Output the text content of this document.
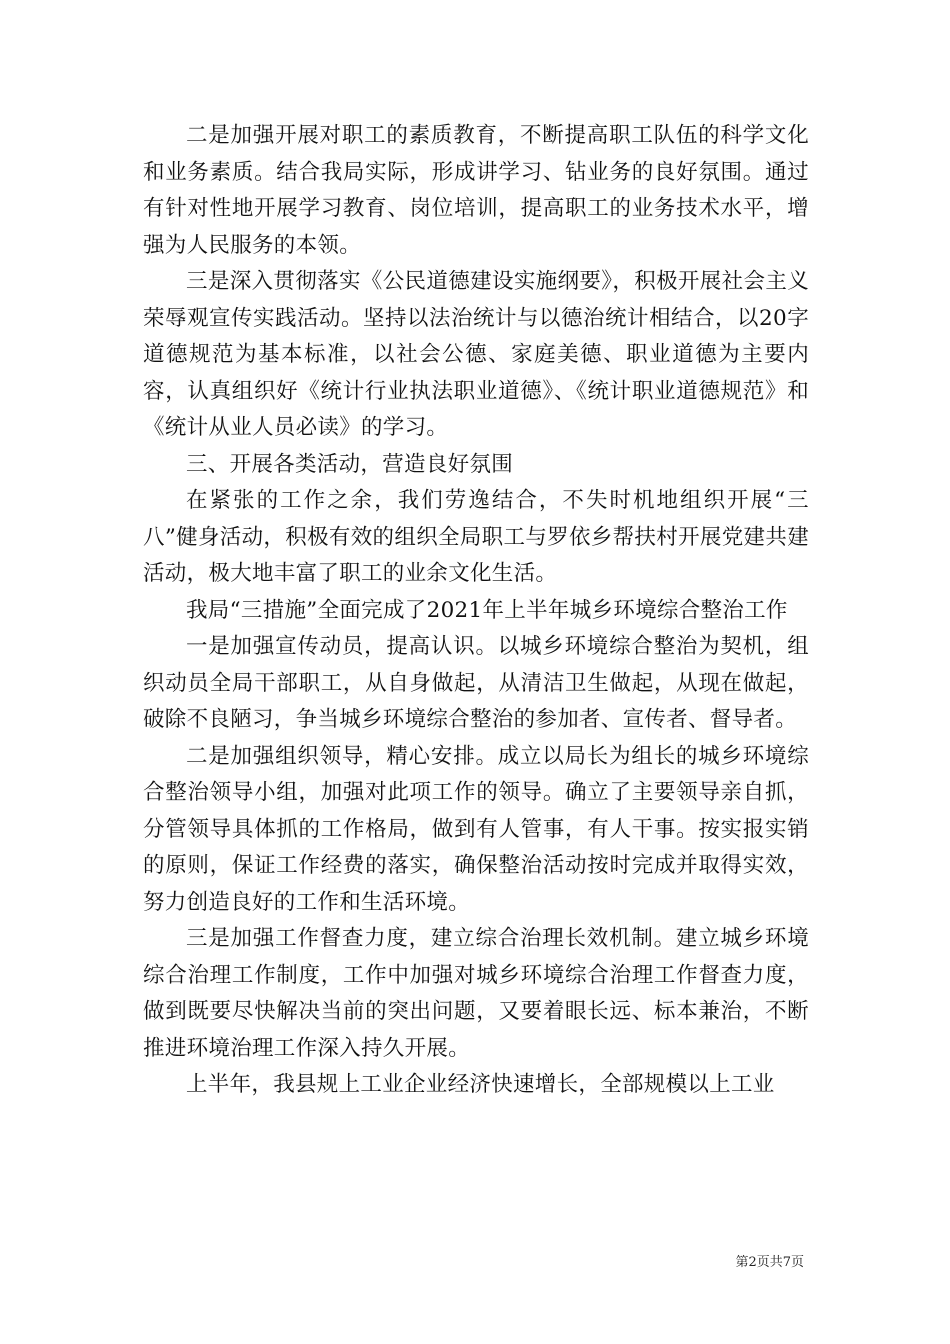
二是加强开展对职工的素质教育，不断提高职工队伍的科学文化和业务素质。结合我局实际，形成讲学习、钻业务的良好氛围。通过有针对性地开展学习教育、岗位培训，提高职工的业务技术水平，增强为人民服务的本领。

三是深入贯彻落实《公民道德建设实施纲要》，积极开展社会主义荣辱观宣传实践活动。坚持以法治统计与以德治统计相结合，以20字道德规范为基本标准，以社会公德、家庭美德、职业道德为主要内容，认真组织好《统计行业执法职业道德》、《统计职业道德规范》和《统计从业人员必读》的学习。

三、开展各类活动，营造良好氛围

在紧张的工作之余，我们劳逸结合，不失时机地组织开展“三八”健身活动，积极有效的组织全局职工与罗依乡帮扶村开展党建共建活动，极大地丰富了职工的业余文化生活。

我局“三措施”全面完成了2021年上半年城乡环境综合整治工作

一是加强宣传动员，提高认识。以城乡环境综合整治为契机，组织动员全局干部职工，从自身做起，从清洁卫生做起，从现在做起，破除不良陋习，争当城乡环境综合整治的参加者、宣传者、督导者。

二是加强组织领导，精心安排。成立以局长为组长的城乡环境综合整治领导小组，加强对此项工作的领导。确立了主要领导亲自抓，分管领导具体抓的工作格局，做到有人管事，有人干事。按实报实销的原则，保证工作经费的落实，确保整治活动按时完成并取得实效，努力创造良好的工作和生活环境。

三是加强工作督查力度，建立综合治理长效机制。建立城乡环境综合治理工作制度，工作中加强对城乡环境综合治理工作督查力度，做到既要尽快解决当前的突出问题，又要着眼长远、标本兼治，不断推进环境治理工作深入持久开展。

上半年，我县规上工业企业经济快速增长，全部规模以上工业

第2页共7页
